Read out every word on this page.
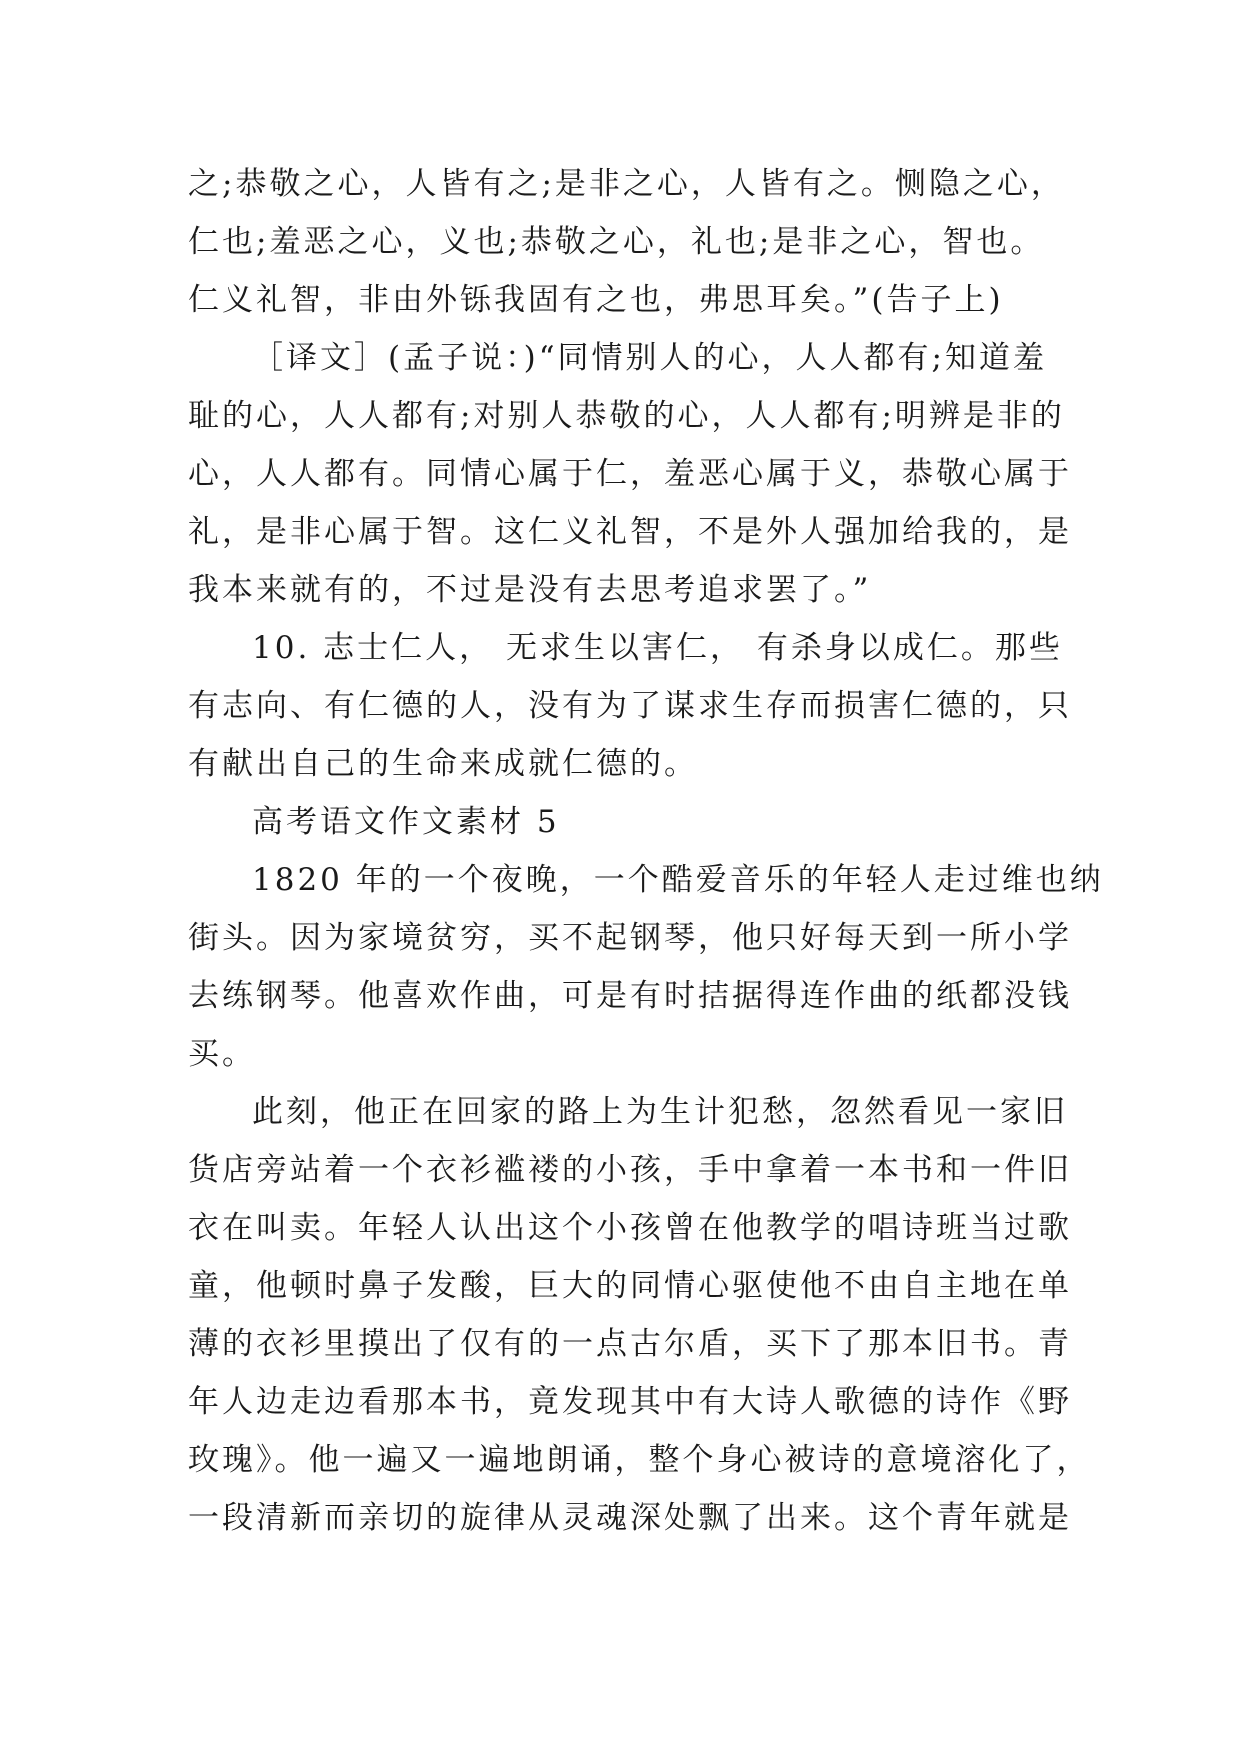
之;恭敬之心，人皆有之;是非之心，人皆有之。恻隐之心，
仁也;羞恶之心，义也;恭敬之心，礼也;是非之心，智也。
仁义礼智，非由外铄我固有之也，弗思耳矣。”(告子上)
［译文］(孟子说：)“同情别人的心，人人都有;知道羞
耻的心，人人都有;对别人恭敬的心，人人都有;明辨是非的
心，人人都有。同情心属于仁，羞恶心属于义，恭敬心属于
礼，是非心属于智。这仁义礼智，不是外人强加给我的，是
我本来就有的，不过是没有去思考追求罢了。”
10. 志士仁人， 无求生以害仁， 有杀身以成仁。那些
有志向、有仁德的人，没有为了谋求生存而损害仁德的，只
有献出自己的生命来成就仁德的。
高考语文作文素材 5
1820 年的一个夜晚，一个酷爱音乐的年轻人走过维也纳
街头。因为家境贫穷，买不起钢琴，他只好每天到一所小学
去练钢琴。他喜欢作曲，可是有时拮据得连作曲的纸都没钱
买。
此刻，他正在回家的路上为生计犯愁，忽然看见一家旧
货店旁站着一个衣衫褴褛的小孩，手中拿着一本书和一件旧
衣在叫卖。年轻人认出这个小孩曾在他教学的唱诗班当过歌
童，他顿时鼻子发酸，巨大的同情心驱使他不由自主地在单
薄的衣衫里摸出了仅有的一点古尔盾，买下了那本旧书。青
年人边走边看那本书，竟发现其中有大诗人歌德的诗作《野
玫瑰》。他一遍又一遍地朗诵，整个身心被诗的意境溶化了，
一段清新而亲切的旋律从灵魂深处飘了出来。这个青年就是
